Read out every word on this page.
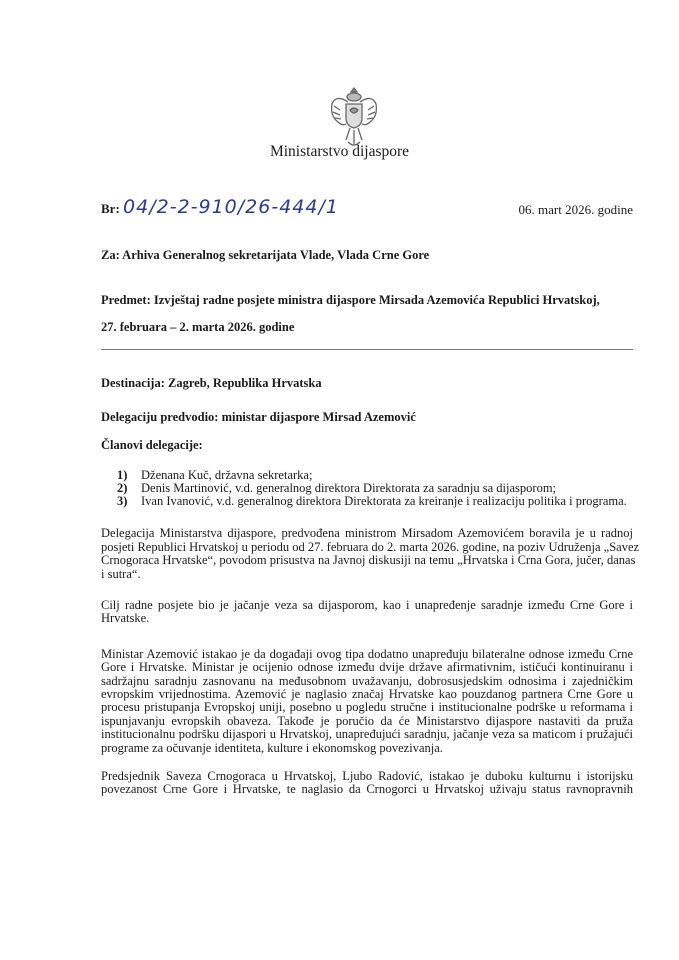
Ministarstvo dijaspore
Br: 04/2-2-910/26-444/1	06. mart 2026. godine
Za: Arhiva Generalnog sekretarijata Vlade, Vlada Crne Gore
Predmet: Izvještaj radne posjete ministra dijaspore Mirsada Azemovića Republici Hrvatskoj,
27. februara – 2. marta 2026. godine
Destinacija: Zagreb, Republika Hrvatska
Delegaciju predvodio: ministar dijaspore Mirsad Azemović
Članovi delegacije:
1) Dženana Kuč, državna sekretarka;
2) Denis Martinović, v.d. generalnog direktora Direktorata za saradnju sa dijasporom;
3) Ivan Ivanović, v.d. generalnog direktora Direktorata za kreiranje i realizaciju politika i programa.
Delegacija Ministarstva dijaspore, predvođena ministrom Mirsadom Azemovićem boravila je u radnoj
posjeti Republici Hrvatskoj u periodu od 27. februara do 2. marta 2026. godine, na poziv Udruženja „Savez
Crnogoraca Hrvatske“, povodom prisustva na Javnoj diskusiji na temu „Hrvatska i Crna Gora, jučer, danas
i sutra“.
Cilj radne posjete bio je jačanje veza sa dijasporom, kao i unapređenje saradnje između Crne Gore i
Hrvatske.
Ministar Azemović istakao je da događaji ovog tipa dodatno unapređuju bilateralne odnose između Crne
Gore i Hrvatske. Ministar je ocijenio odnose između dvije države afirmativnim, ističući kontinuiranu i
sadržajnu saradnju zasnovanu na međusobnom uvažavanju, dobrosusjedskim odnosima i zajedničkim
evropskim vrijednostima. Azemović je naglasio značaj Hrvatske kao pouzdanog partnera Crne Gore u
procesu pristupanja Evropskoj uniji, posebno u pogledu stručne i institucionalne podrške u reformama i
ispunjavanju evropskih obaveza. Takođe je poručio da će Ministarstvo dijaspore nastaviti da pruža
institucionalnu podršku dijaspori u Hrvatskoj, unapređujući saradnju, jačanje veza sa maticom i pružajući
programe za očuvanje identiteta, kulture i ekonomskog povezivanja.
Predsjednik Saveza Crnogoraca u Hrvatskoj, Ljubo Radović, istakao je duboku kulturnu i istorijsku
povezanost Crne Gore i Hrvatske, te naglasio da Crnogorci u Hrvatskoj uživaju status ravnopravnih
